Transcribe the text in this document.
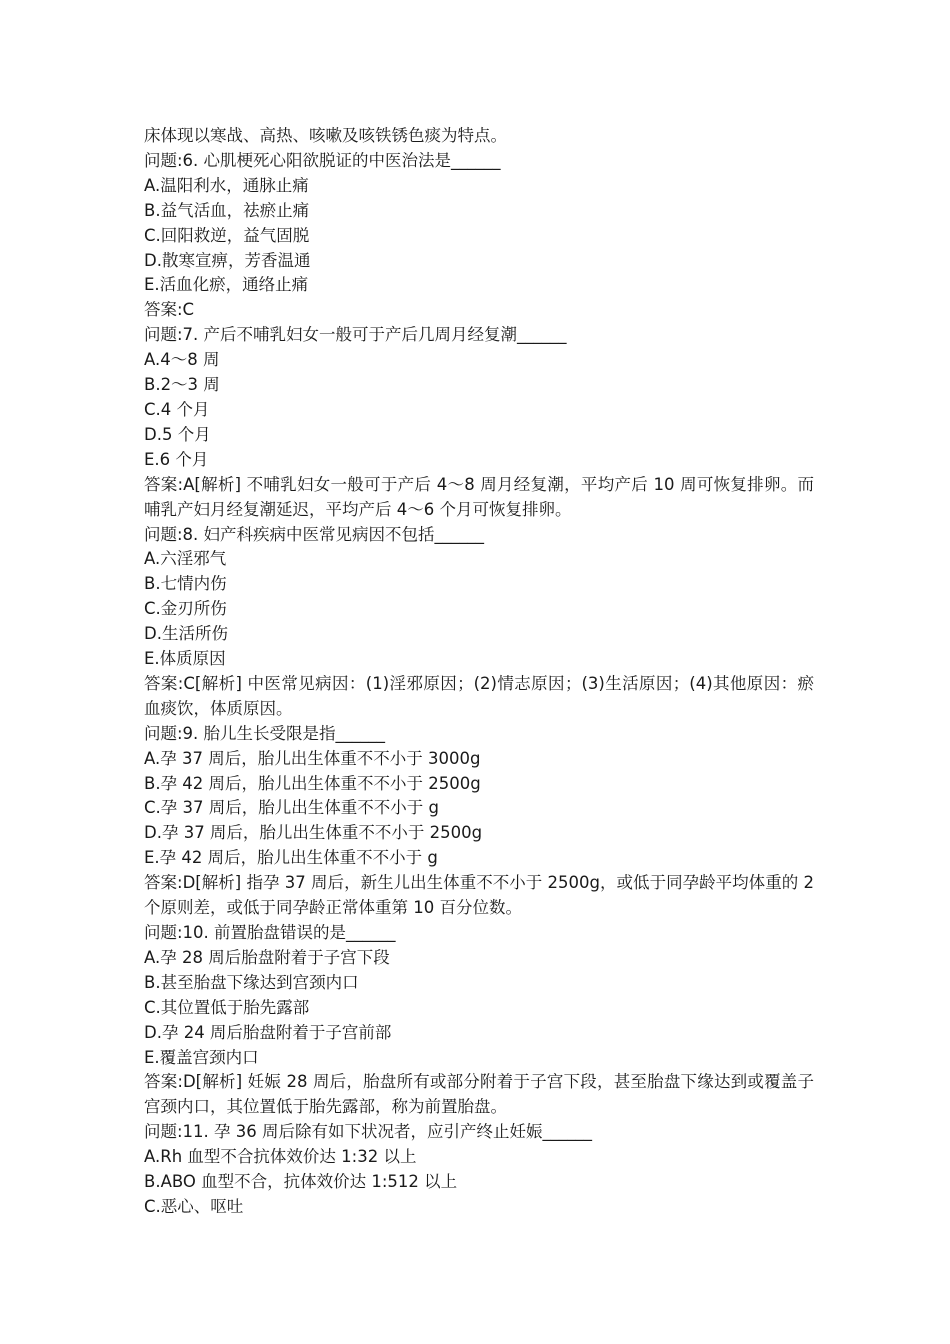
床体现以寒战、高热、咳嗽及咳铁锈色痰为特点。
问题:6. 心肌梗死心阳欲脱证的中医治法是______
A.温阳利水，通脉止痛
B.益气活血，祛瘀止痛
C.回阳救逆，益气固脱
D.散寒宣痹，芳香温通
E.活血化瘀，通络止痛
答案:C
问题:7. 产后不哺乳妇女一般可于产后几周月经复潮______
A.4～8 周
B.2～3 周
C.4 个月
D.5 个月
E.6 个月
答案:A[解析] 不哺乳妇女一般可于产后 4～8 周月经复潮，平均产后 10 周可恢复排卵。而哺乳产妇月经复潮延迟，平均产后 4～6 个月可恢复排卵。
问题:8. 妇产科疾病中医常见病因不包括______
A.六淫邪气
B.七情内伤
C.金刃所伤
D.生活所伤
E.体质原因
答案:C[解析] 中医常见病因：(1)淫邪原因；(2)情志原因；(3)生活原因；(4)其他原因：瘀血痰饮，体质原因。
问题:9. 胎儿生长受限是指______
A.孕 37 周后，胎儿出生体重不不小于 3000g
B.孕 42 周后，胎儿出生体重不不小于 2500g
C.孕 37 周后，胎儿出生体重不不小于 g
D.孕 37 周后，胎儿出生体重不不小于 2500g
E.孕 42 周后，胎儿出生体重不不小于 g
答案:D[解析] 指孕 37 周后，新生儿出生体重不不小于 2500g，或低于同孕龄平均体重的 2 个原则差，或低于同孕龄正常体重第 10 百分位数。
问题:10. 前置胎盘错误的是______
A.孕 28 周后胎盘附着于子宫下段
B.甚至胎盘下缘达到宫颈内口
C.其位置低于胎先露部
D.孕 24 周后胎盘附着于子宫前部
E.覆盖宫颈内口
答案:D[解析] 妊娠 28 周后，胎盘所有或部分附着于子宫下段，甚至胎盘下缘达到或覆盖子宫颈内口，其位置低于胎先露部，称为前置胎盘。
问题:11. 孕 36 周后除有如下状况者，应引产终止妊娠______
A.Rh 血型不合抗体效价达 1:32 以上
B.ABO 血型不合，抗体效价达 1:512 以上
C.恶心、呕吐
